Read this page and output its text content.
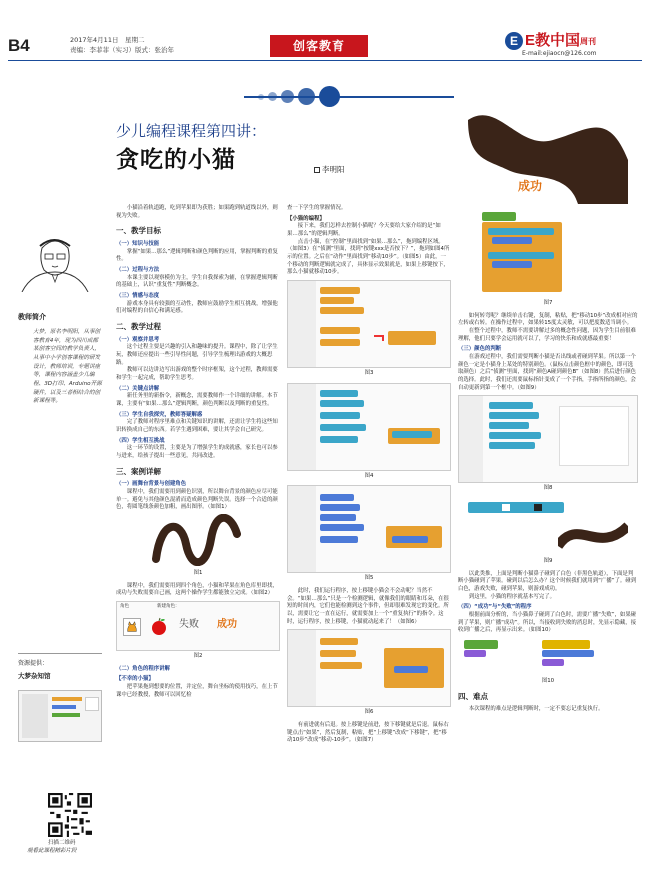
B4	2017年4月11日　星期二
责编：李菲菲（实习）版式：张治年	创客教育	E E教中国周刊
E-mail:ejiaocn@126.com
少儿编程课程第四讲：
贪吃的小猫	李明阳
教师简介
大梦，原名李明阳，从事创客教育4年，现为四川成都某创客空间的教学负责人，从事中小学创客课程的研发设计，教师培训，专题讲座等，课程内容涵盖少儿编程、3D打印、Arduino开源硬件，以及三者相结合的创新课程等。
资源提供：
大梦杂知馆
扫描二维码
观看此课程精彩片段

小猫沿着轨道跑，吃到苹果即为获胜；如果跑到轨道线以外，则视为失败。

一、教学目标

（一）知识与技能

掌握“如果…那么”逻辑判断和颜色判断的应用，掌握判断的重复性。

（二）过程与方法

本课主要以观察模仿为主，学生自我探索为辅，在掌握逻辑判断的基础上，认识“重复性”判断概念。

（三）情感与态度

游戏本身具有较强的互动性，教师应鼓励学生相互挑战，增强他们对编程的自信心和满足感。

二、教学过程

（一）观察并思考

这个过程主要是兴趣的引入和趣味的提升。课程中，除了让学生玩，教师还应提出一些引导性问题，引导学生梳理出游戏的大概思路。

教师可以边讲边写出游戏的整个时序框架，这个过程，教师需要和学生一起完成，帮助学生思考。

（二）关键点讲解

新任务里的新指令，新概念，需要教师作一个详细的讲解。本节课，主要有“如果…那么”逻辑判断，颜色判断以及判断的重复性。

（三）学生自我探究，教师答疑解惑

完了教师对程序里难点和关键知识的讲解，还需让学生将这些知识转换成自己的东西。若学生遇到困难，要让其学会自己研究。

（四）学生相互挑战

这一环节的设置，主要是为了增强学生的成就感，家长也可以参与进来，给孩子提出一些意见，共同改进。

三、案例详解

（一）画舞台背景与创建角色

课程中，我们需要用到颜色识别，所以舞台背景的颜色应尽可能单一。避免与其他颜色混淆而造成颜色判断失误。选择一个合适的颜色，将圆笔线条颜色加粗，画出图形。（如图1）

图1

课程中，我们需要用到四个角色，小猫和苹果在角色库里即找，成功与失败需要自己画，这两个操作学生都能独立完成。（如图2）

角色	新建角色：
失败 成功

图2

（二）角色的程序讲解

【不幸的小猫】

把苹果拖到想要的位置，并定位，舞台坐标的使用技巧，在上节课中已经教授，教师可以回忆检

查一下学生的掌握情况。

【小猫的编程】

接下来，我们怎样去控制小猫呢？今天要给大家介绍的是“如果…那么”的逻辑判断。

点击小猫，在“控制”里面找到“如果…那么”，拖到编程区域。（如图3）在“侦测”里面，找到“按键xxx是否按下？”，拖到如图4所示的位置。之后在“动作”里面找到“移动10步”。（如图5）由此，一个移动的判断逻辑就完成了，具体显示效果就是，如果上移键按下，那么小猫就移动10步。

图3

图4

图5

此时，我们运行程序，按上移键小猫会不会动呢？当然不会。“如果…那么”只是一个检测逻辑，就像我们的眼睛和耳朵，在很短的时间内，它们也能检测到这个事件，但却很难发现它的变化。所以，需要让它一直在运行，就需要加上一个“重复执行”的指令。这时，运行程序，按上移键，小猫就动起来了！（如图6）

图6

有前进就有后退。按上移键是前进，按下移键就是后退。鼠标右键点击“如果”，然后复制，粘贴，把“上移键”改成“下移键”，把“移动10步”改成“移动-10步”。（如图7）

成功

图7

如何转弯呢？继续单击右键，复制，粘贴，把“移动10步”改成相对应的左转或右转。在操作过程中，如果转15度太灵敏，可以把度数适当调小。

在整个过程中，教师不需要讲解过多的概念性问题，因为学生目前很难理解，他们只要学会运用就可以了，学习的快乐和成就感最重要！

（三）颜色的判断

在游戏过程中，我们需要判断小猫是否出线或者碰到苹果。所以第一个颜色一定是小猫身上某处的特别颜色。（鼠标点击颜色框中的颜色，即可选取颜色）之后“侦测”里面，找到“颜色A碰到颜色B”（如图8）然后进行颜色的选择。此时，我们还需要鼠标指针变成了一个手指，手指所指的颜色，会自动更新到第一个框中。（如图9）

图8

图9

以此类推，上面是判断小猫鼻子碰到了白色（非黑色轨道），下面是判断小猫碰到了苹果。碰到以后怎么办？这个时候我们就用到“广播”了。碰到白色，游戏失败，碰到苹果，则游戏成功。

到这里，小猫的程序就基本写完了。

（四）“成功”与“失败”的程序

根据前面分析的，当小猫鼻子碰到了白色时，需要广播“失败”，如果碰到了苹果，则广播“成功”。所以，当接收到失败的消息时，先显示隐藏，接收到广播之后，再显示出来。（如图10）

图10

四、难点

本次课程的难点是逻辑判断时，一定不要忘记重复执行。
